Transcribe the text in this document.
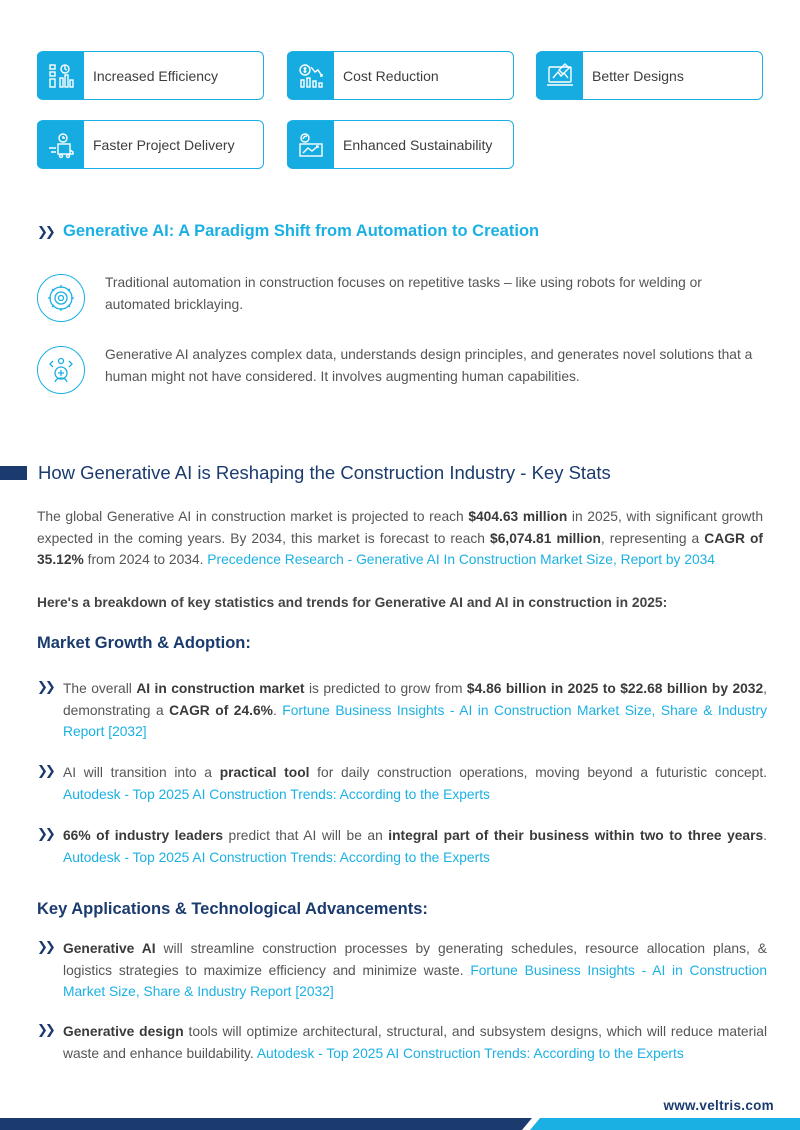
Increased Efficiency	Cost Reduction	Better Designs
Faster Project Delivery	Enhanced Sustainability
❯❯ Generative AI: A Paradigm Shift from Automation to Creation

Traditional automation in construction focuses on repetitive tasks – like using robots for welding or automated bricklaying.

Generative AI analyzes complex data, understands design principles, and generates novel solutions that a human might not have considered. It involves augmenting human capabilities.

How Generative AI is Reshaping the Construction Industry - Key Stats
The global Generative AI in construction market is projected to reach $404.63 million in 2025, with significant growth expected in the coming years. By 2034, this market is forecast to reach $6,074.81 million, representing a CAGR of 35.12% from 2024 to 2034. Precedence Research - Generative AI In Construction Market Size, Report by 2034
Here's a breakdown of key statistics and trends for Generative AI and AI in construction in 2025:
Market Growth & Adoption:
❯❯ The overall AI in construction market is predicted to grow from $4.86 billion in 2025 to $22.68 billion by 2032, demonstrating a CAGR of 24.6%. Fortune Business Insights - AI in Construction Market Size, Share & Industry Report [2032]

❯❯ AI will transition into a practical tool for daily construction operations, moving beyond a futuristic concept. Autodesk - Top 2025 AI Construction Trends: According to the Experts

❯❯ 66% of industry leaders predict that AI will be an integral part of their business within two to three years. Autodesk - Top 2025 AI Construction Trends: According to the Experts

Key Applications & Technological Advancements:
❯❯ Generative AI will streamline construction processes by generating schedules, resource allocation plans, & logistics strategies to maximize efficiency and minimize waste. Fortune Business Insights - AI in Construction Market Size, Share & Industry Report [2032]

❯❯ Generative design tools will optimize architectural, structural, and subsystem designs, which will reduce material waste and enhance buildability. Autodesk - Top 2025 AI Construction Trends: According to the Experts

www.veltris.com
